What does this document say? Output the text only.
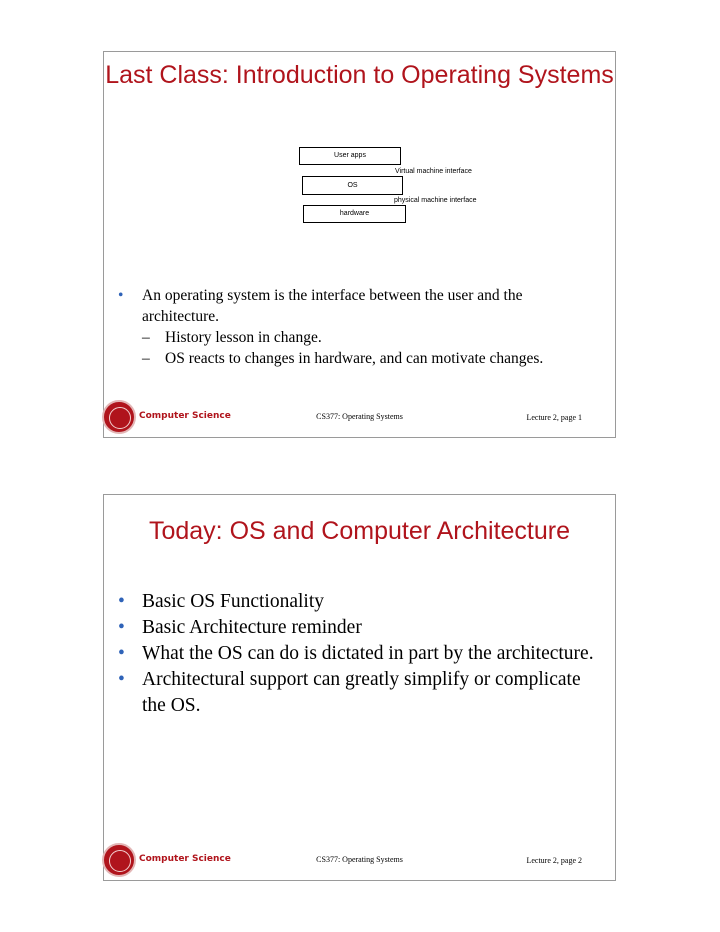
Last Class: Introduction to Operating Systems
User apps
Virtual machine interface
OS
physical machine interface
hardware
• An operating system is the interface between the user and the architecture.
– History lesson in change.
– OS reacts to changes in hardware, and can motivate changes.
Computer Science	CS377: Operating Systems	Lecture 2, page 1
Today: OS and Computer Architecture
• Basic OS Functionality
• Basic Architecture reminder
• What the OS can do is dictated in part by the architecture.
• Architectural support can greatly simplify or complicate the OS.
Computer Science	CS377: Operating Systems	Lecture 2, page 2
